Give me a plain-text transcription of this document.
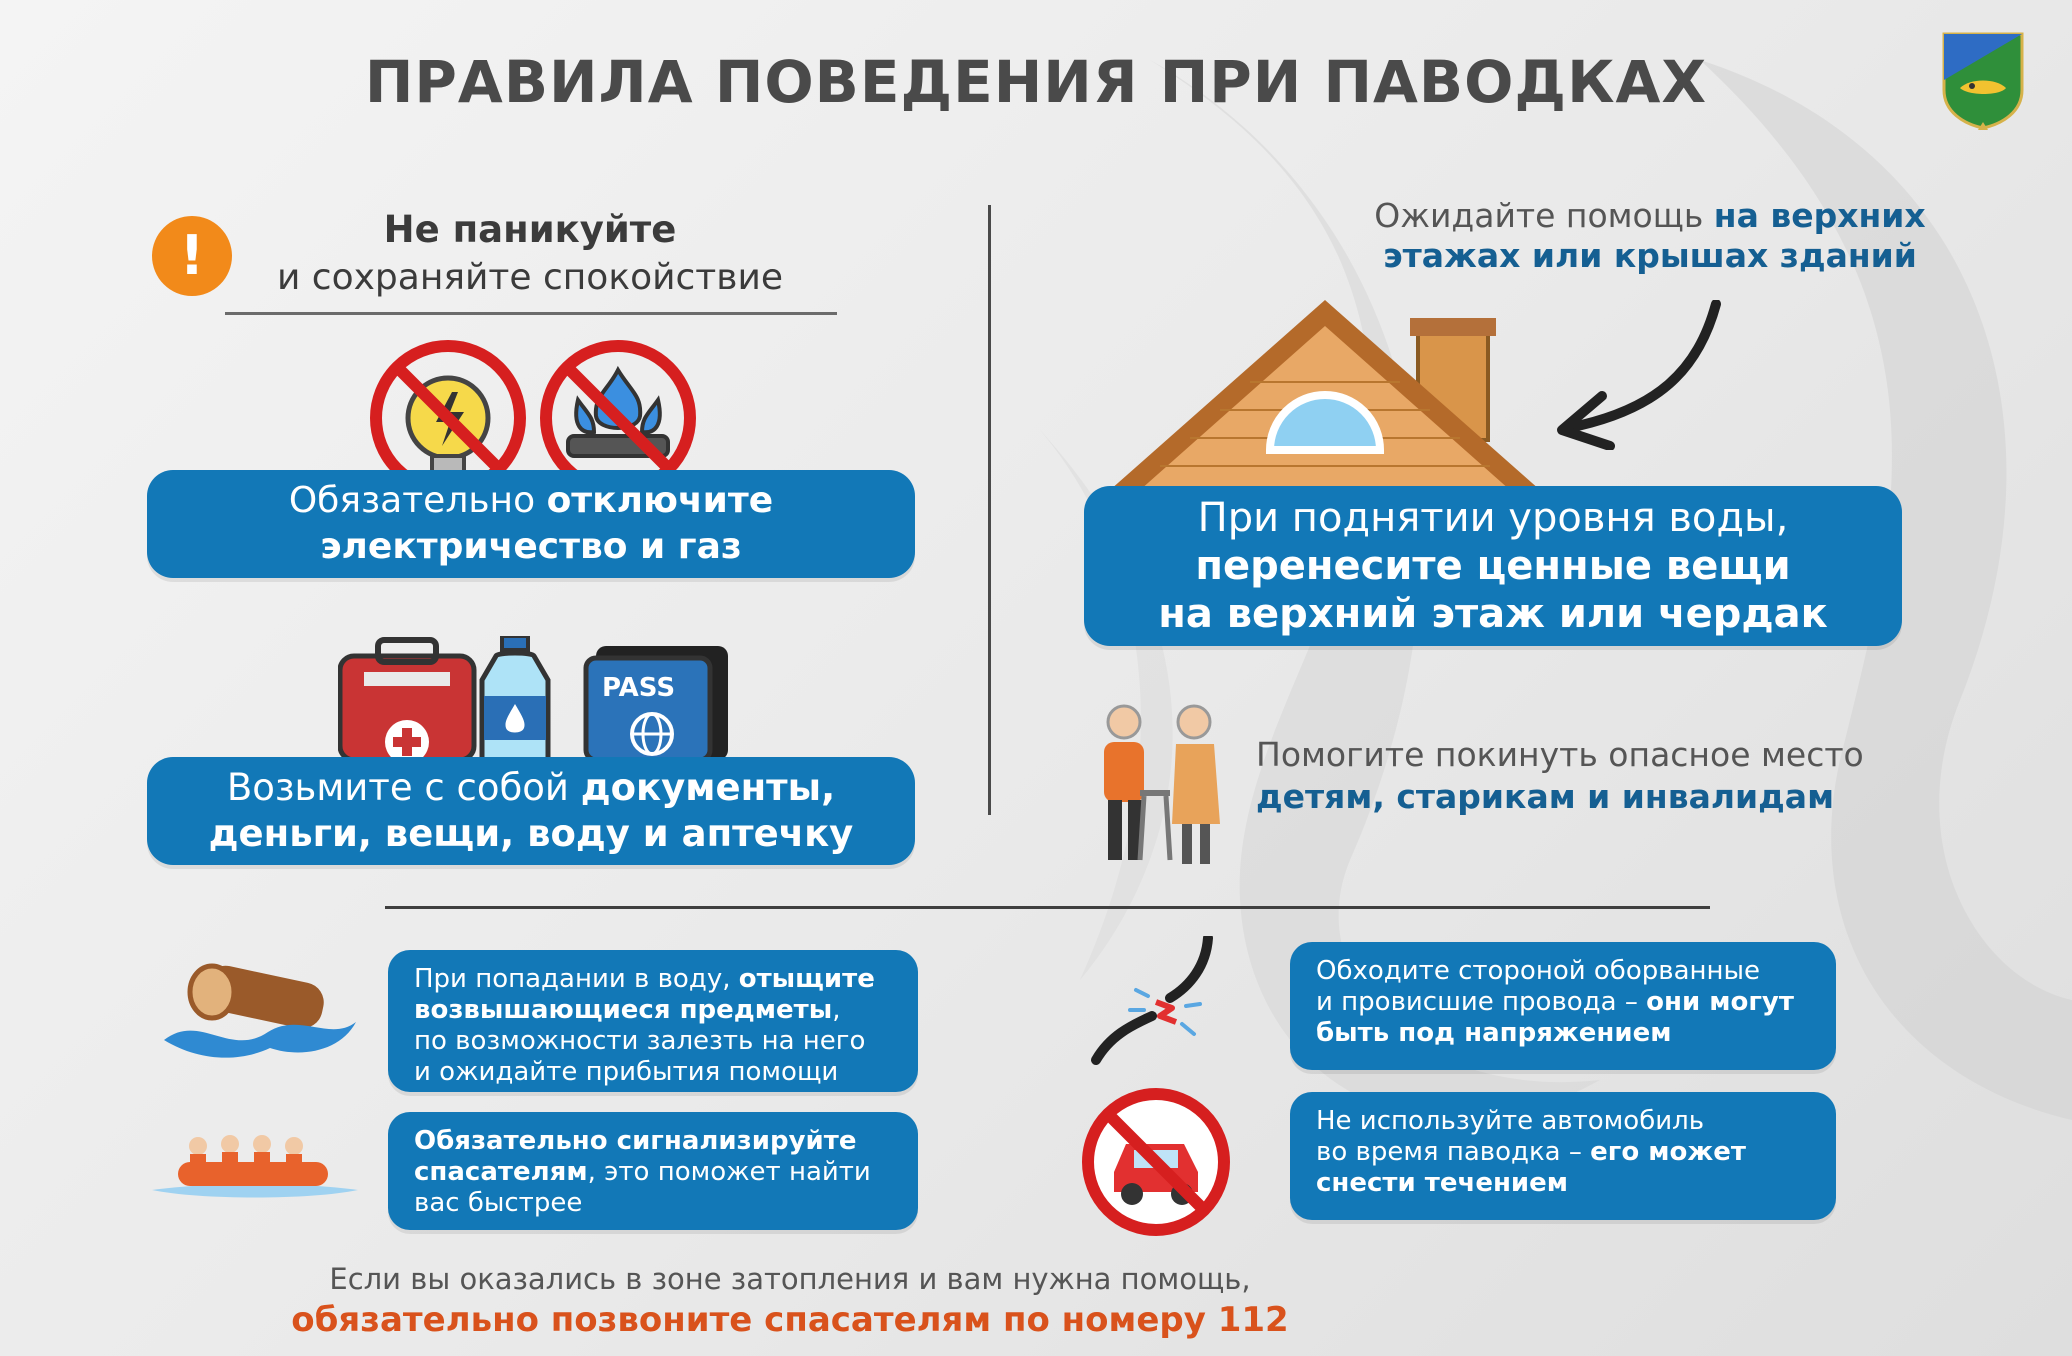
ПРАВИЛА ПОВЕДЕНИЯ ПРИ ПАВОДКАХ
!	Не паникуйте
и сохраняйте спокойствие
Обязательно отключите
электричество и газ
PASS
Возьмите с собой документы,
деньги, вещи, воду и аптечку
Ожидайте помощь на верхних
этажах или крышах зданий
При поднятии уровня воды,
перенесите ценные вещи
на верхний этаж или чердак
Помогите покинуть опасное место
детям, старикам и инвалидам
При попадании в воду, отыщите
возвышающиеся предметы,
по возможности залезть на него
и ожидайте прибытия помощи
Обязательно сигнализируйте
спасателям, это поможет найти
вас быстрее
Обходите стороной оборванные
и провисшие провода – они могут
быть под напряжением
Не используйте автомобиль
во время паводка – его может
снести течением
Если вы оказались в зоне затопления и вам нужна помощь,
обязательно позвоните спасателям по номеру 112
